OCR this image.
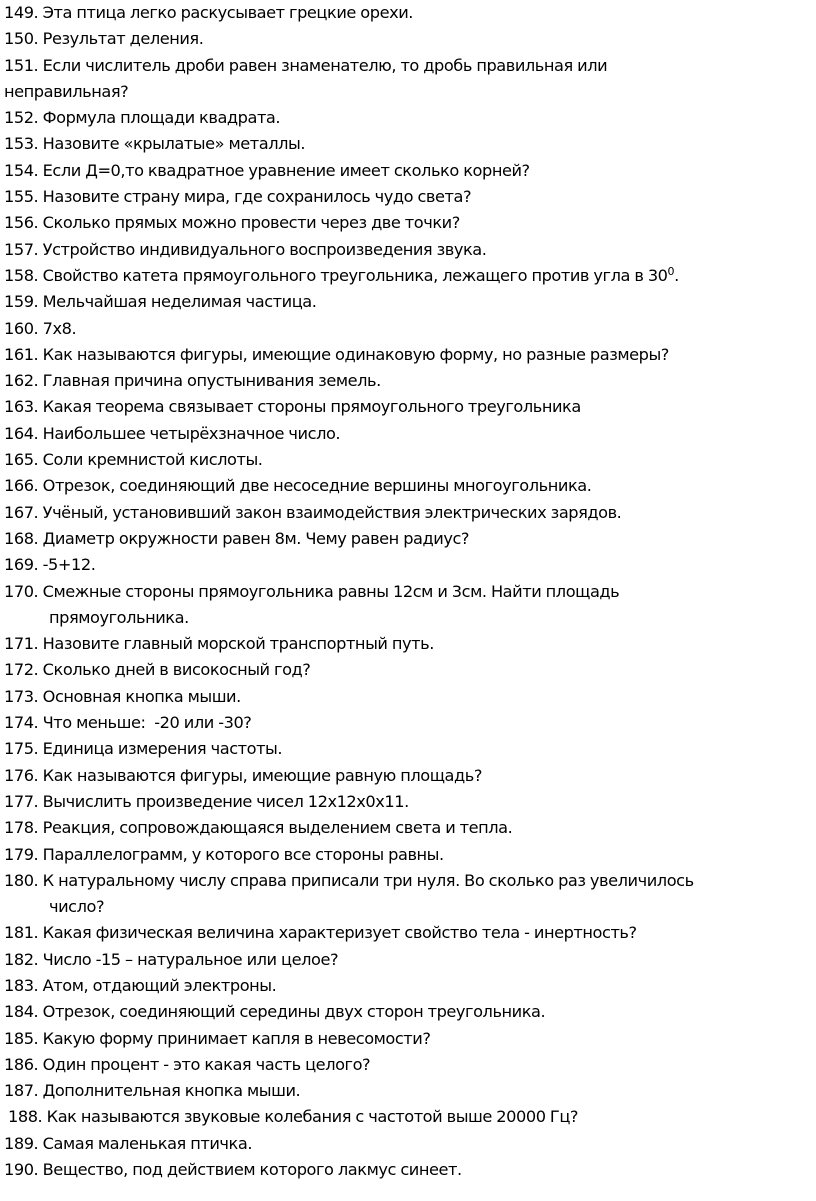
149. Эта птица легко раскусывает грецкие орехи.
150. Результат деления.
151. Если числитель дроби равен знаменателю, то дробь правильная или неправильная?
152. Формула площади квадрата.
153. Назовите «крылатые» металлы.
154. Если Д=0,то квадратное уравнение имеет сколько корней?
155. Назовите страну мира, где сохранилось чудо света?
156. Сколько прямых можно провести через две точки?
157. Устройство индивидуального воспроизведения звука.
158. Свойство катета прямоугольного треугольника, лежащего против угла в $30^0$.
159. Мельчайшая неделимая частица.
160. 7х8.
161. Как называются фигуры, имеющие одинаковую форму, но разные размеры?
162. Главная причина опустынивания земель.
163. Какая теорема связывает стороны прямоугольного треугольника
164. Наибольшее четырёхзначное число.
165. Соли кремнистой кислоты.
166. Отрезок, соединяющий две несоседние вершины многоугольника.
167. Учёный, установивший закон взаимодействия электрических зарядов.
168. Диаметр окружности равен 8м. Чему равен радиус?
169. -5+12.
170. Смежные стороны прямоугольника равны 12см и 3см. Найти площадь
прямоугольника.
171. Назовите главный морской транспортный путь.
172. Сколько дней в високосный год?
173. Основная кнопка мыши.
174. Что меньше:  -20 или -30?
175. Единица измерения частоты.
176. Как называются фигуры, имеющие равную площадь?
177. Вычислить произведение чисел 12х12х0х11.
178. Реакция, сопровождающаяся выделением света и тепла.
179. Параллелограмм, у которого все стороны равны.
180. К натуральному числу справа приписали три нуля. Во сколько раз увеличилось
число?
181. Какая физическая величина характеризует свойство тела - инертность?
182. Число -15 – натуральное или целое?
183. Атом, отдающий электроны.
184. Отрезок, соединяющий середины двух сторон треугольника.
185. Какую форму принимает капля в невесомости?
186. Один процент - это какая часть целого?
187. Дополнительная кнопка мыши.
188. Как называются звуковые колебания с частотой выше 20000 Гц?
189. Самая маленькая птичка.
190. Вещество, под действием которого лакмус синеет.
